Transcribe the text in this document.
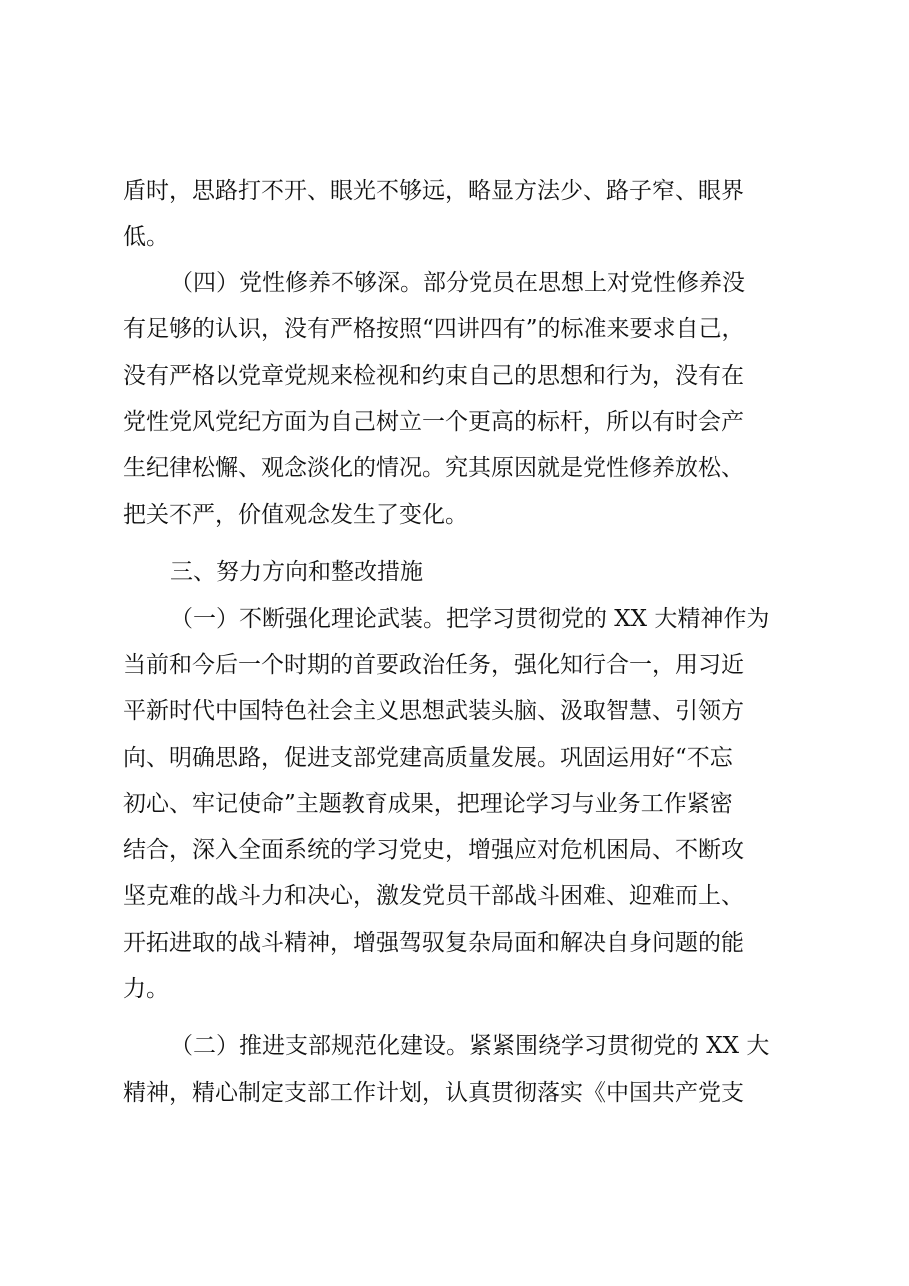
盾时，思路打不开、眼光不够远，略显方法少、路子窄、眼界
低。
（四）党性修养不够深。部分党员在思想上对党性修养没
有足够的认识，没有严格按照“四讲四有”的标准来要求自己，
没有严格以党章党规来检视和约束自己的思想和行为，没有在
党性党风党纪方面为自己树立一个更高的标杆，所以有时会产
生纪律松懈、观念淡化的情况。究其原因就是党性修养放松、
把关不严，价值观念发生了变化。
三、努力方向和整改措施
（一）不断强化理论武装。把学习贯彻党的 XX 大精神作为
当前和今后一个时期的首要政治任务，强化知行合一，用习近
平新时代中国特色社会主义思想武装头脑、汲取智慧、引领方
向、明确思路，促进支部党建高质量发展。巩固运用好“不忘
初心、牢记使命”主题教育成果，把理论学习与业务工作紧密
结合，深入全面系统的学习党史，增强应对危机困局、不断攻
坚克难的战斗力和决心，激发党员干部战斗困难、迎难而上、
开拓进取的战斗精神，增强驾驭复杂局面和解决自身问题的能
力。
（二）推进支部规范化建设。紧紧围绕学习贯彻党的 XX 大
精神，精心制定支部工作计划，认真贯彻落实《中国共产党支
